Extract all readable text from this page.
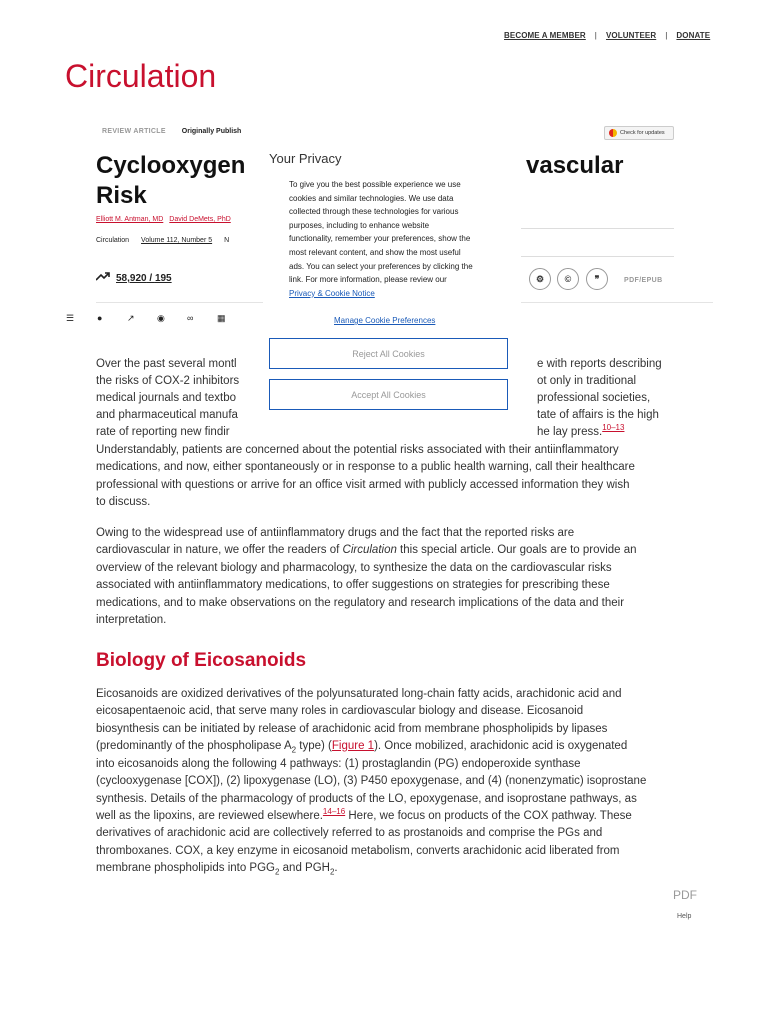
BECOME A MEMBER | VOLUNTEER | DONATE
Circulation
REVIEW ARTICLE Originally Publish	Check for updates
Cyclooxygen	vascular
Risk
Elliott M. Antman, MD David DeMets, PhD
Circulation Volume 112, Number 5 N
58,920 / 195	⚙	©	❞	PDF/EPUB
☰	●	↗ ◉ ∞	▦
Over the past several montl	e with reports describing
the risks of COX-2 inhibitors	ot only in traditional
medical journals and textbo	professional societies,
and pharmaceutical manufa	tate of affairs is the high
rate of reporting new findir	he lay press.$^{10-13}$
Understandably, patients are concerned about the potential risks associated with their antiinflammatory
medications, and now, either spontaneously or in response to a public health warning, call their healthcare
professional with questions or arrive for an office visit armed with publicly accessed information they wish
to discuss.
Owing to the widespread use of antiinflammatory drugs and the fact that the reported risks are
cardiovascular in nature, we offer the readers of Circulation this special article. Our goals are to provide an
overview of the relevant biology and pharmacology, to synthesize the data on the cardiovascular risks
associated with antiinflammatory medications, to offer suggestions on strategies for prescribing these
medications, and to make observations on the regulatory and research implications of the data and their
interpretation.
Biology of Eicosanoids
Eicosanoids are oxidized derivatives of the polyunsaturated long-chain fatty acids, arachidonic acid and
eicosapentaenoic acid, that serve many roles in cardiovascular biology and disease. Eicosanoid
biosynthesis can be initiated by release of arachidonic acid from membrane phospholipids by lipases
(predominantly of the phospholipase $A_2$ type) (Figure 1). Once mobilized, arachidonic acid is oxygenated
into eicosanoids along the following 4 pathways: (1) prostaglandin (PG) endoperoxide synthase
(cyclooxygenase [COX]), (2) lipoxygenase (LO), (3) P450 epoxygenase, and (4) (nonenzymatic) isoprostane
synthesis. Details of the pharmacology of products of the LO, epoxygenase, and isoprostane pathways, as
well as the lipoxins, are reviewed elsewhere.$^{14-16}$ Here, we focus on products of the COX pathway. These
derivatives of arachidonic acid are collectively referred to as prostanoids and comprise the PGs and
thromboxanes. COX, a key enzyme in eicosanoid metabolism, converts arachidonic acid liberated from
membrane phospholipids into $PGG_2$ and $PGH_2$.
PDF
Help
Your Privacy
To give you the best possible experience we use
cookies and similar technologies. We use data
collected through these technologies for various
purposes, including to enhance website
functionality, remember your preferences, show the
most relevant content, and show the most useful
ads. You can select your preferences by clicking the
link. For more information, please review our
Privacy & Cookie Notice
Manage Cookie Preferences
Reject All Cookies
Accept All Cookies
